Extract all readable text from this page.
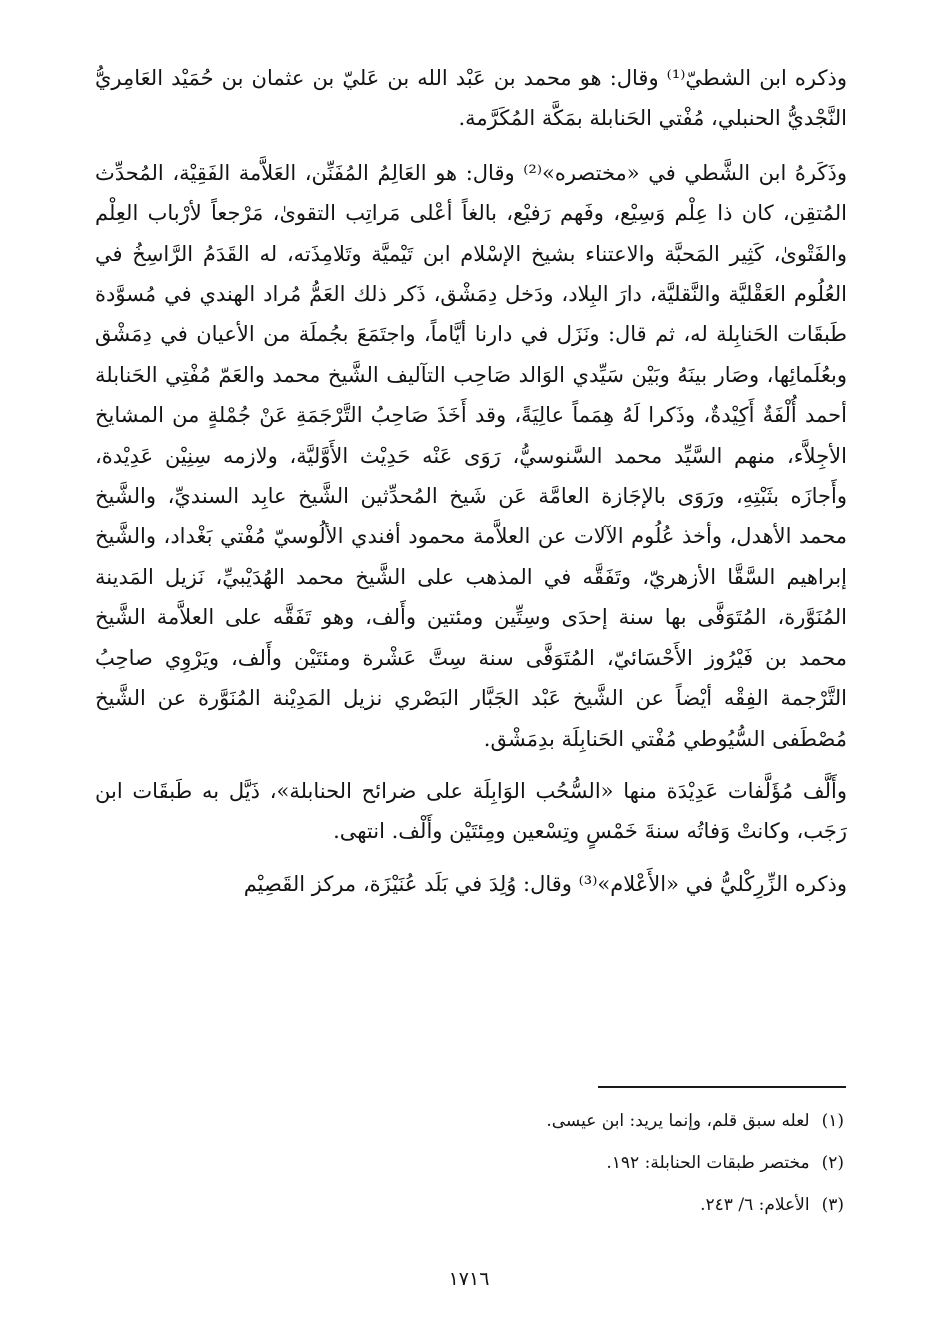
وذكره ابن الشطيّ⁽¹⁾ وقال: هو محمد بن عَبْد الله بن عَليّ بن عثمان بن حُمَيْد العَامِريُّ النَّجْديُّ الحنبلي، مُفْتي الحَنابلة بمَكَّة المُكَرَّمة.

وذَكَرهُ ابن الشَّطي في «مختصره»⁽²⁾ وقال: هو العَالِمُ المُفَنِّن، العَلاَّمة الفَقِيْة، المُحدِّث المُتقِن، كان ذا عِلْم وَسِيْع، وفَهم رَفيْع، بالغاً أعْلى مَراتِب التقوىٰ، مَرْجعاً لأرْباب العِلْم والفَتْوىٰ، كَثِير المَحبَّة والاعتناء بشيخ الإسْلام ابن تَيْميَّة وتَلامِذَته، له القَدَمُ الرَّاسِخُ في العُلُوم العَقْليَّة والنَّقليَّة، دارَ البِلاد، ودَخل دِمَشْق، ذَكر ذلك العَمُّ مُراد الهندي في مُسوَّدة طَبقَات الحَنابِلة له، ثم قال: ونَزَل في دارنا أيَّاماً، واجتَمَعَ بجُملَة من الأعيان في دِمَشْق وبعُلَمائِها، وصَار بينَهُ وبَيْن سَيِّدي الوَالد صَاحِب التآليف الشَّيخ محمد والعَمّ مُفْتِي الحَنابلة أحمد أُلْفَةٌ أَكِيْدةٌ، وذَكرا لَهُ هِمَماً عالِيَةً، وقد أَخَذَ صَاحِبُ التَّرْجَمَةِ عَنْ جُمْلةٍ من المشايخ الأجِلاَّء، منهم السَّيِّد محمد السَّنوسيُّ، رَوَى عَنْه حَدِيْث الأَوَّليَّة، ولازمه سِنِيْن عَدِيْدة، وأَجازَه بثَبْتِهِ، ورَوَى بالإجَازة العامَّة عَن شَيخ المُحدِّثين الشَّيخ عابِد السنديِّ، والشَّيخ محمد الأهدل، وأخذ عُلُوم الآلات عن العلاَّمة محمود أفندي الألُوسيّ مُفْتي بَغْداد، والشَّيخ إبراهيم السَّقَّا الأزهريّ، وتَفَقَّه في المذهب على الشَّيخ محمد الهُدَيْبيِّ، نَزيل المَدينة المُنَوَّرة، المُتَوَفَّى بها سنة إحدَى وسِتِّين ومئتين وأَلف، وهو تَفَقَّه على العلاَّمة الشَّيخ محمد بن فَيْرُوز الأَحْسَائيّ، المُتَوَفَّى سنة سِتَّ عَشْرة ومئتَيْن وأَلف، ويَرْوِي صاحِبُ التَّرْجمة الفِقْه أيْضاً عن الشَّيخ عَبْد الجَبَّار البَصْري نزيل المَدِيْنة المُنَوَّرة عن الشَّيخ مُصْطَفى السُّيُوطي مُفْتي الحَنابِلَة بدِمَشْق.

وأَلَّف مُؤَلَّفات عَدِيْدَة منها «السُّحُب الوَابِلَة على ضرائح الحنابلة»، ذَيَّل به طَبقَات ابن رَجَب، وكانتْ وَفاتُه سنةَ خَمْسٍ وتِسْعين ومِئتَيْن وأَلْف. انتهى.

وذكره الزِّرِكْليُّ في «الأَعْلام»⁽³⁾ وقال: وُلِدَ في بَلَد عُنَيْزَة، مركز القَصِيْم

(١)لعله سبق قلم، وإنما يريد: ابن عيسى.
(٢)مختصر طبقات الحنابلة: ١٩٢.
(٣)الأعلام: ٦/ ٢٤٣.
١٧١٦
